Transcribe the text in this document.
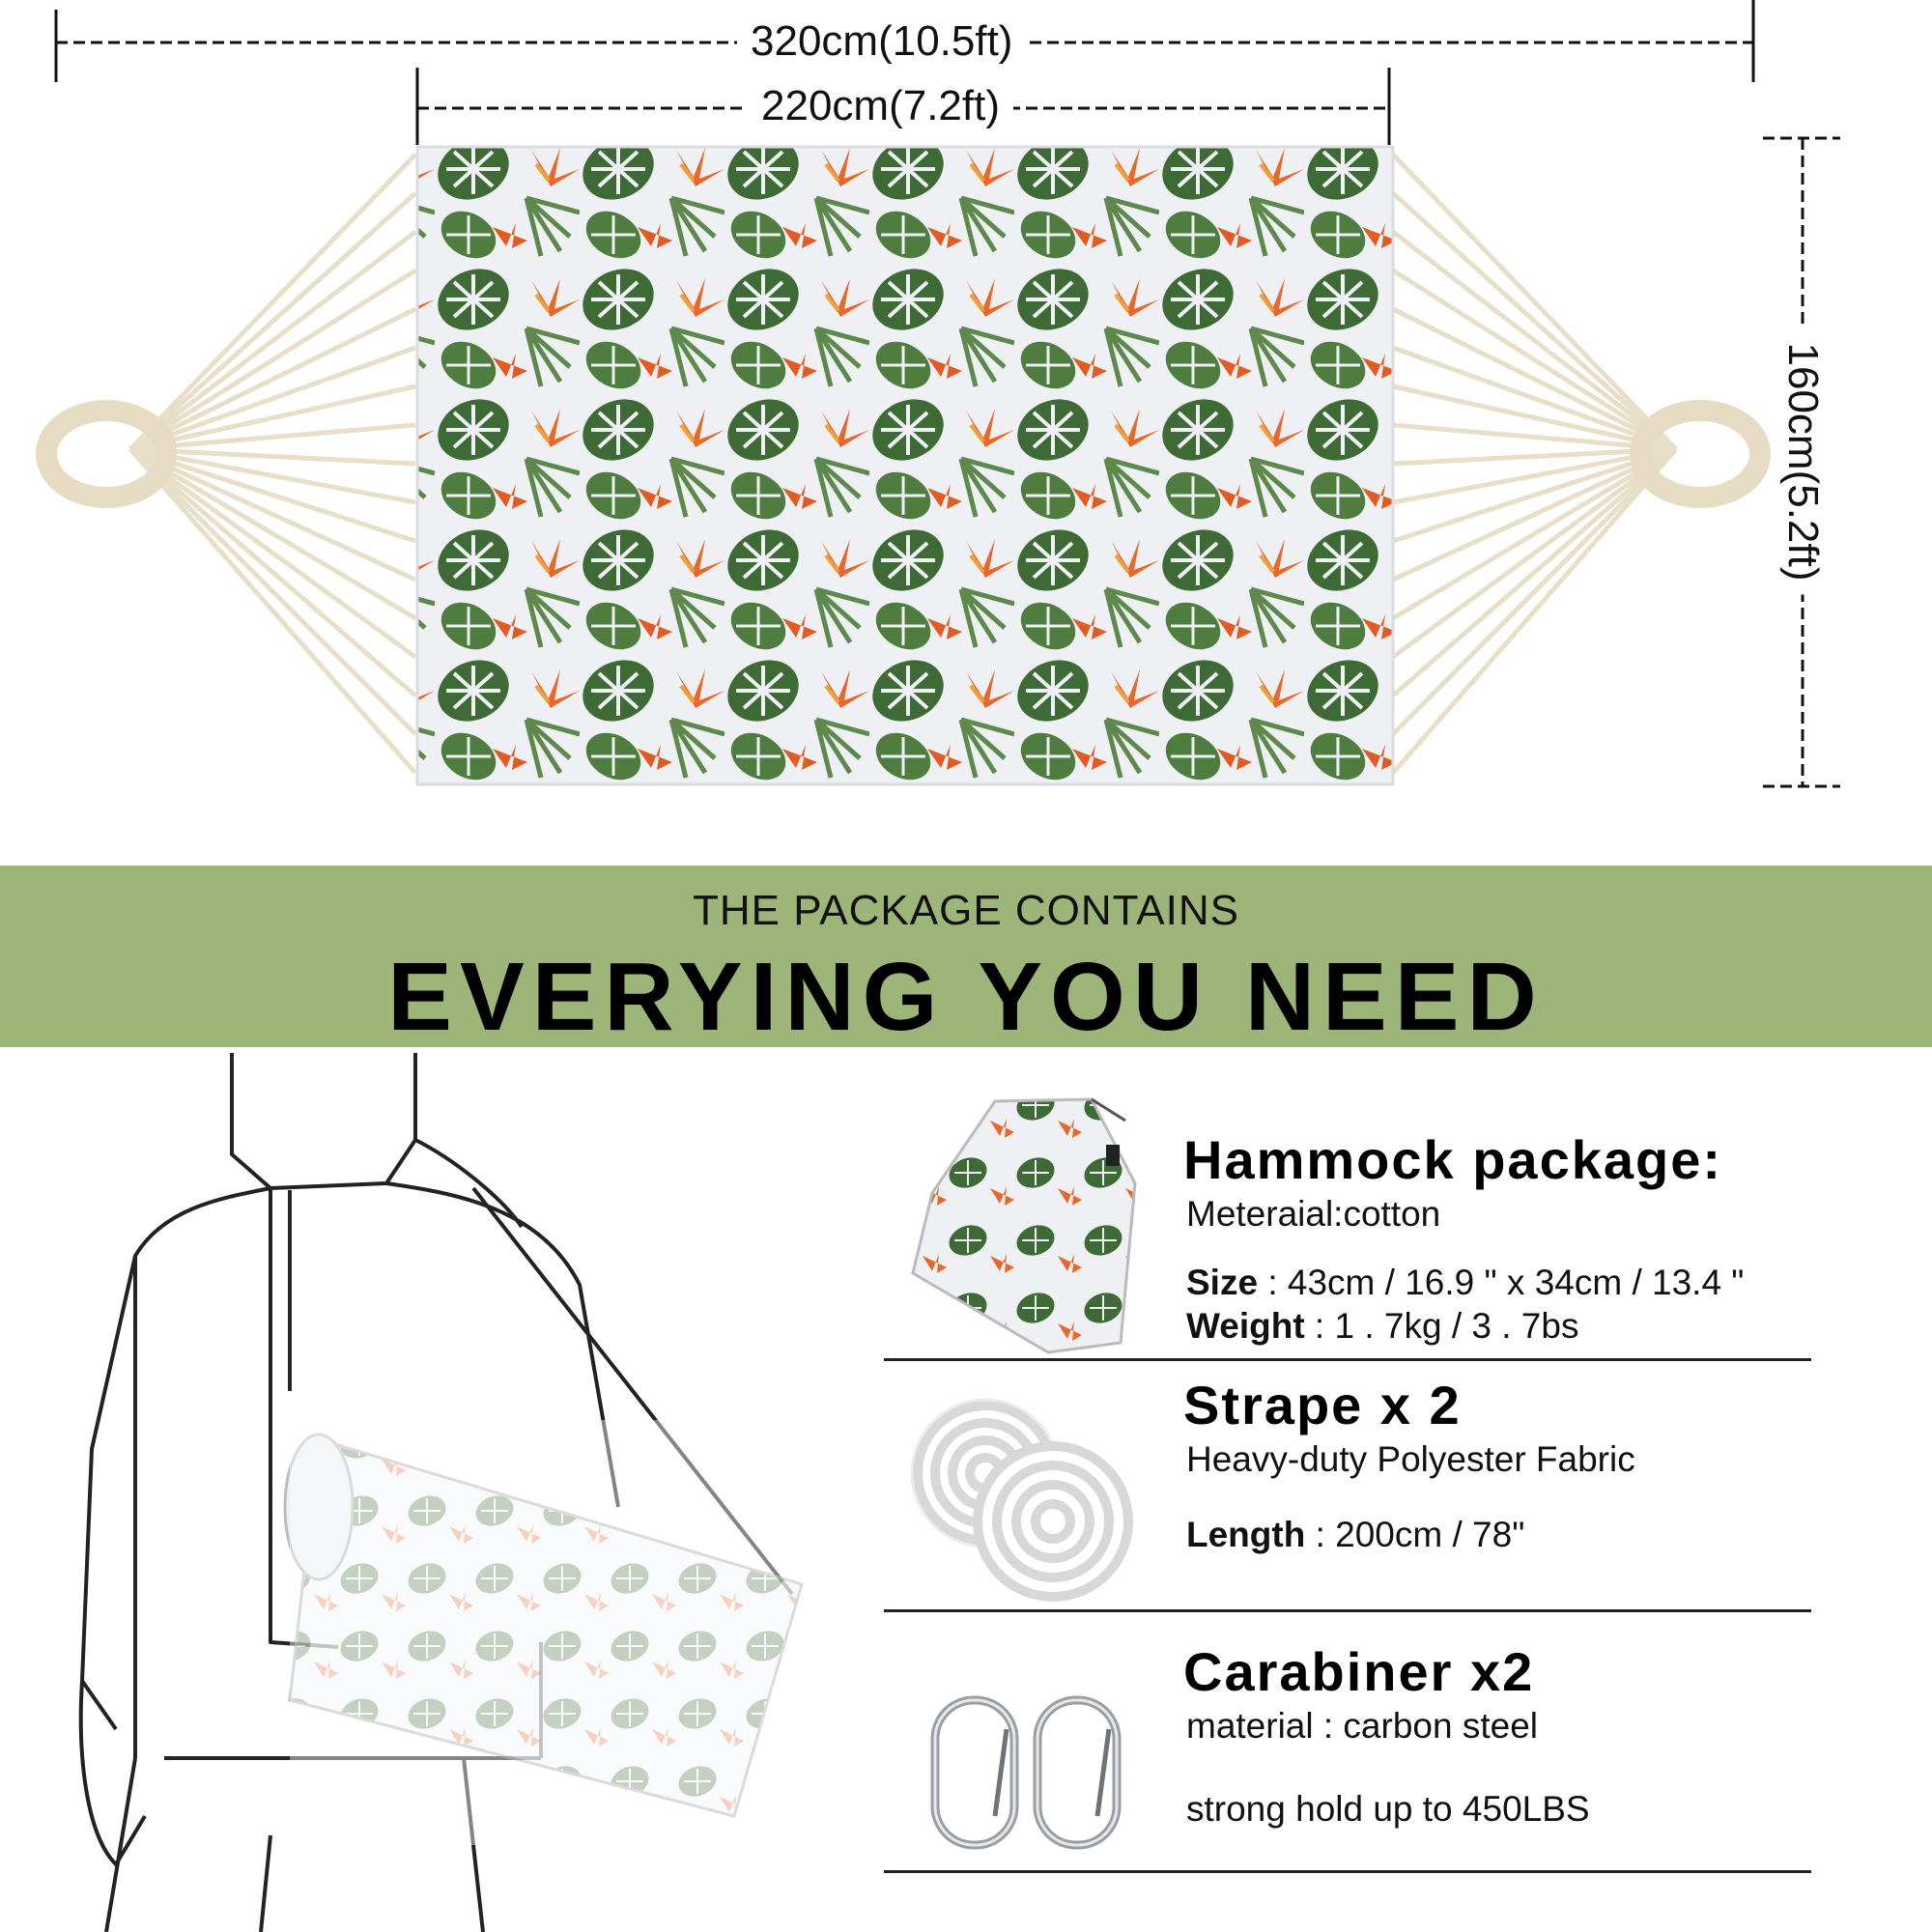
320cm(10.5ft)
220cm(7.2ft)
160cm(5.2ft)
THE PACKAGE CONTAINS
EVERYING YOU NEED
Hammock package:
Meteraial:cotton
Size : 43cm / 16.9 " x 34cm / 13.4 "
Weight : 1 . 7kg / 3 . 7bs
Strape x 2
Heavy-duty Polyester Fabric
Length : 200cm / 78"
Carabiner x2
material : carbon steel
strong hold up to 450LBS
